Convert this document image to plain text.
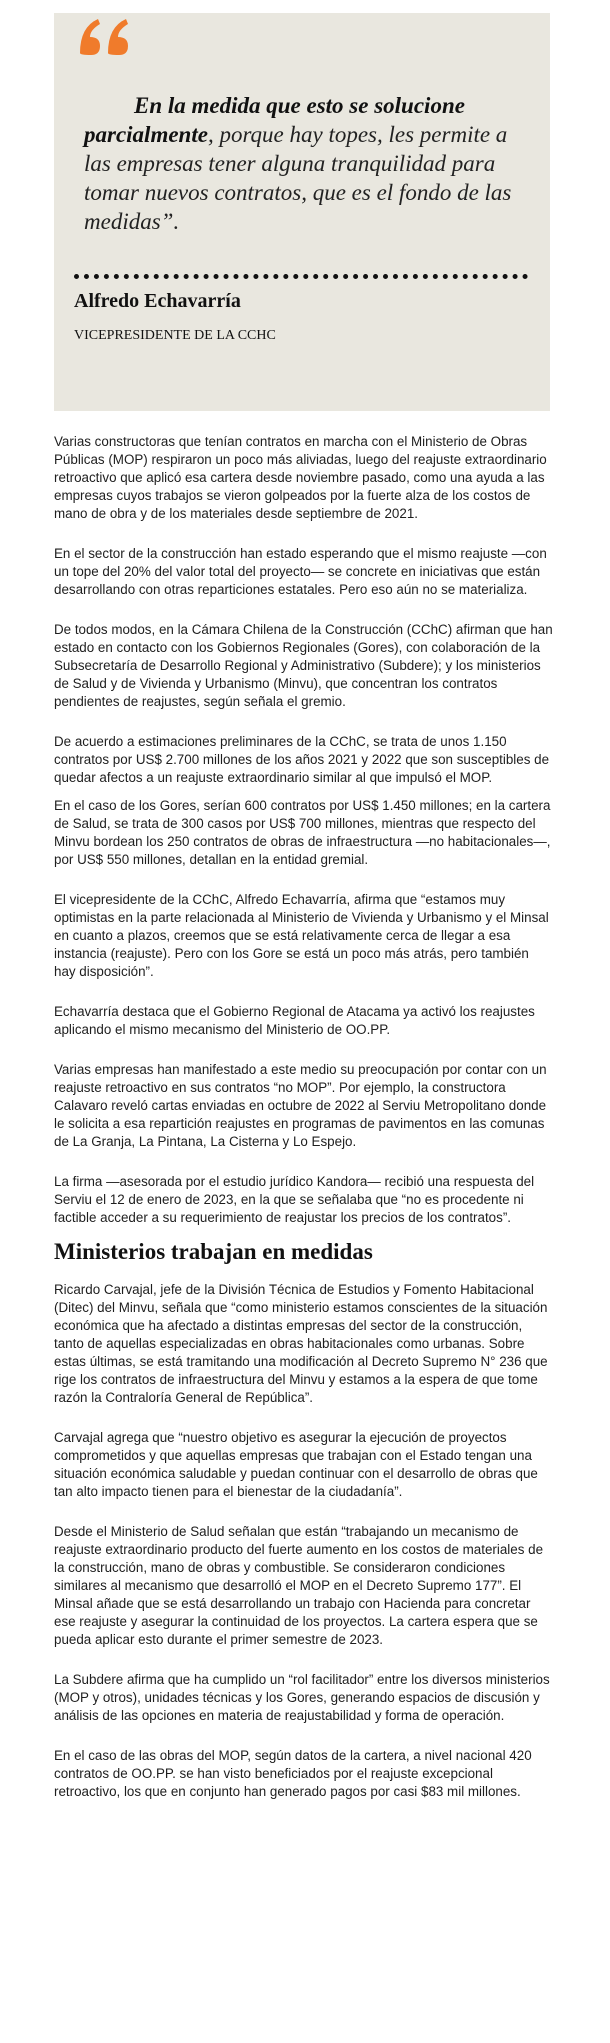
En la medida que esto se solucione parcialmente, porque hay topes, les permite a las empresas tener alguna tranquilidad para tomar nuevos contratos, que es el fondo de las medidas”.

Alfredo Echavarría

VICEPRESIDENTE DE LA CCHC

Varias constructoras que tenían contratos en marcha con el Ministerio de Obras Públicas (MOP) respiraron un poco más aliviadas, luego del reajuste extraordinario retroactivo que aplicó esa cartera desde noviembre pasado, como una ayuda a las empresas cuyos trabajos se vieron golpeados por la fuerte alza de los costos de mano de obra y de los materiales desde septiembre de 2021.

En el sector de la construcción han estado esperando que el mismo reajuste —con un tope del 20% del valor total del proyecto— se concrete en iniciativas que están desarrollando con otras reparticiones estatales. Pero eso aún no se materializa.

De todos modos, en la Cámara Chilena de la Construcción (CChC) afirman que han estado en contacto con los Gobiernos Regionales (Gores), con colaboración de la Subsecretaría de Desarrollo Regional y Administrativo (Subdere); y los ministerios de Salud y de Vivienda y Urbanismo (Minvu), que concentran los contratos pendientes de reajustes, según señala el gremio.

De acuerdo a estimaciones preliminares de la CChC, se trata de unos 1.150 contratos por US$ 2.700 millones de los años 2021 y 2022 que son susceptibles de quedar afectos a un reajuste extraordinario similar al que impulsó el MOP.

En el caso de los Gores, serían 600 contratos por US$ 1.450 millones; en la cartera de Salud, se trata de 300 casos por US$ 700 millones, mientras que respecto del Minvu bordean los 250 contratos de obras de infraestructura —no habitacionales—, por US$ 550 millones, detallan en la entidad gremial.

El vicepresidente de la CChC, Alfredo Echavarría, afirma que “estamos muy optimistas en la parte relacionada al Ministerio de Vivienda y Urbanismo y el Minsal en cuanto a plazos, creemos que se está relativamente cerca de llegar a esa instancia (reajuste). Pero con los Gore se está un poco más atrás, pero también hay disposición”.

Echavarría destaca que el Gobierno Regional de Atacama ya activó los reajustes aplicando el mismo mecanismo del Ministerio de OO.PP.

Varias empresas han manifestado a este medio su preocupación por contar con un reajuste retroactivo en sus contratos “no MOP”. Por ejemplo, la constructora Calavaro reveló cartas enviadas en octubre de 2022 al Serviu Metropolitano donde le solicita a esa repartición reajustes en programas de pavimentos en las comunas de La Granja, La Pintana, La Cisterna y Lo Espejo.

La firma —asesorada por el estudio jurídico Kandora— recibió una respuesta del Serviu el 12 de enero de 2023, en la que se señalaba que “no es procedente ni factible acceder a su requerimiento de reajustar los precios de los contratos”.

Ministerios trabajan en medidas

Ricardo Carvajal, jefe de la División Técnica de Estudios y Fomento Habitacional (Ditec) del Minvu, señala que “como ministerio estamos conscientes de la situación económica que ha afectado a distintas empresas del sector de la construcción, tanto de aquellas especializadas en obras habitacionales como urbanas. Sobre estas últimas, se está tramitando una modificación al Decreto Supremo N° 236 que rige los contratos de infraestructura del Minvu y estamos a la espera de que tome razón la Contraloría General de República”.

Carvajal agrega que “nuestro objetivo es asegurar la ejecución de proyectos comprometidos y que aquellas empresas que trabajan con el Estado tengan una situación económica saludable y puedan continuar con el desarrollo de obras que tan alto impacto tienen para el bienestar de la ciudadanía”.

Desde el Ministerio de Salud señalan que están “trabajando un mecanismo de reajuste extraordinario producto del fuerte aumento en los costos de materiales de la construcción, mano de obras y combustible. Se consideraron condiciones similares al mecanismo que desarrolló el MOP en el Decreto Supremo 177”. El Minsal añade que se está desarrollando un trabajo con Hacienda para concretar ese reajuste y asegurar la continuidad de los proyectos. La cartera espera que se pueda aplicar esto durante el primer semestre de 2023.

La Subdere afirma que ha cumplido un “rol facilitador” entre los diversos ministerios (MOP y otros), unidades técnicas y los Gores, generando espacios de discusión y análisis de las opciones en materia de reajustabilidad y forma de operación.

En el caso de las obras del MOP, según datos de la cartera, a nivel nacional 420 contratos de OO.PP. se han visto beneficiados por el reajuste excepcional retroactivo, los que en conjunto han generado pagos por casi $83 mil millones.
